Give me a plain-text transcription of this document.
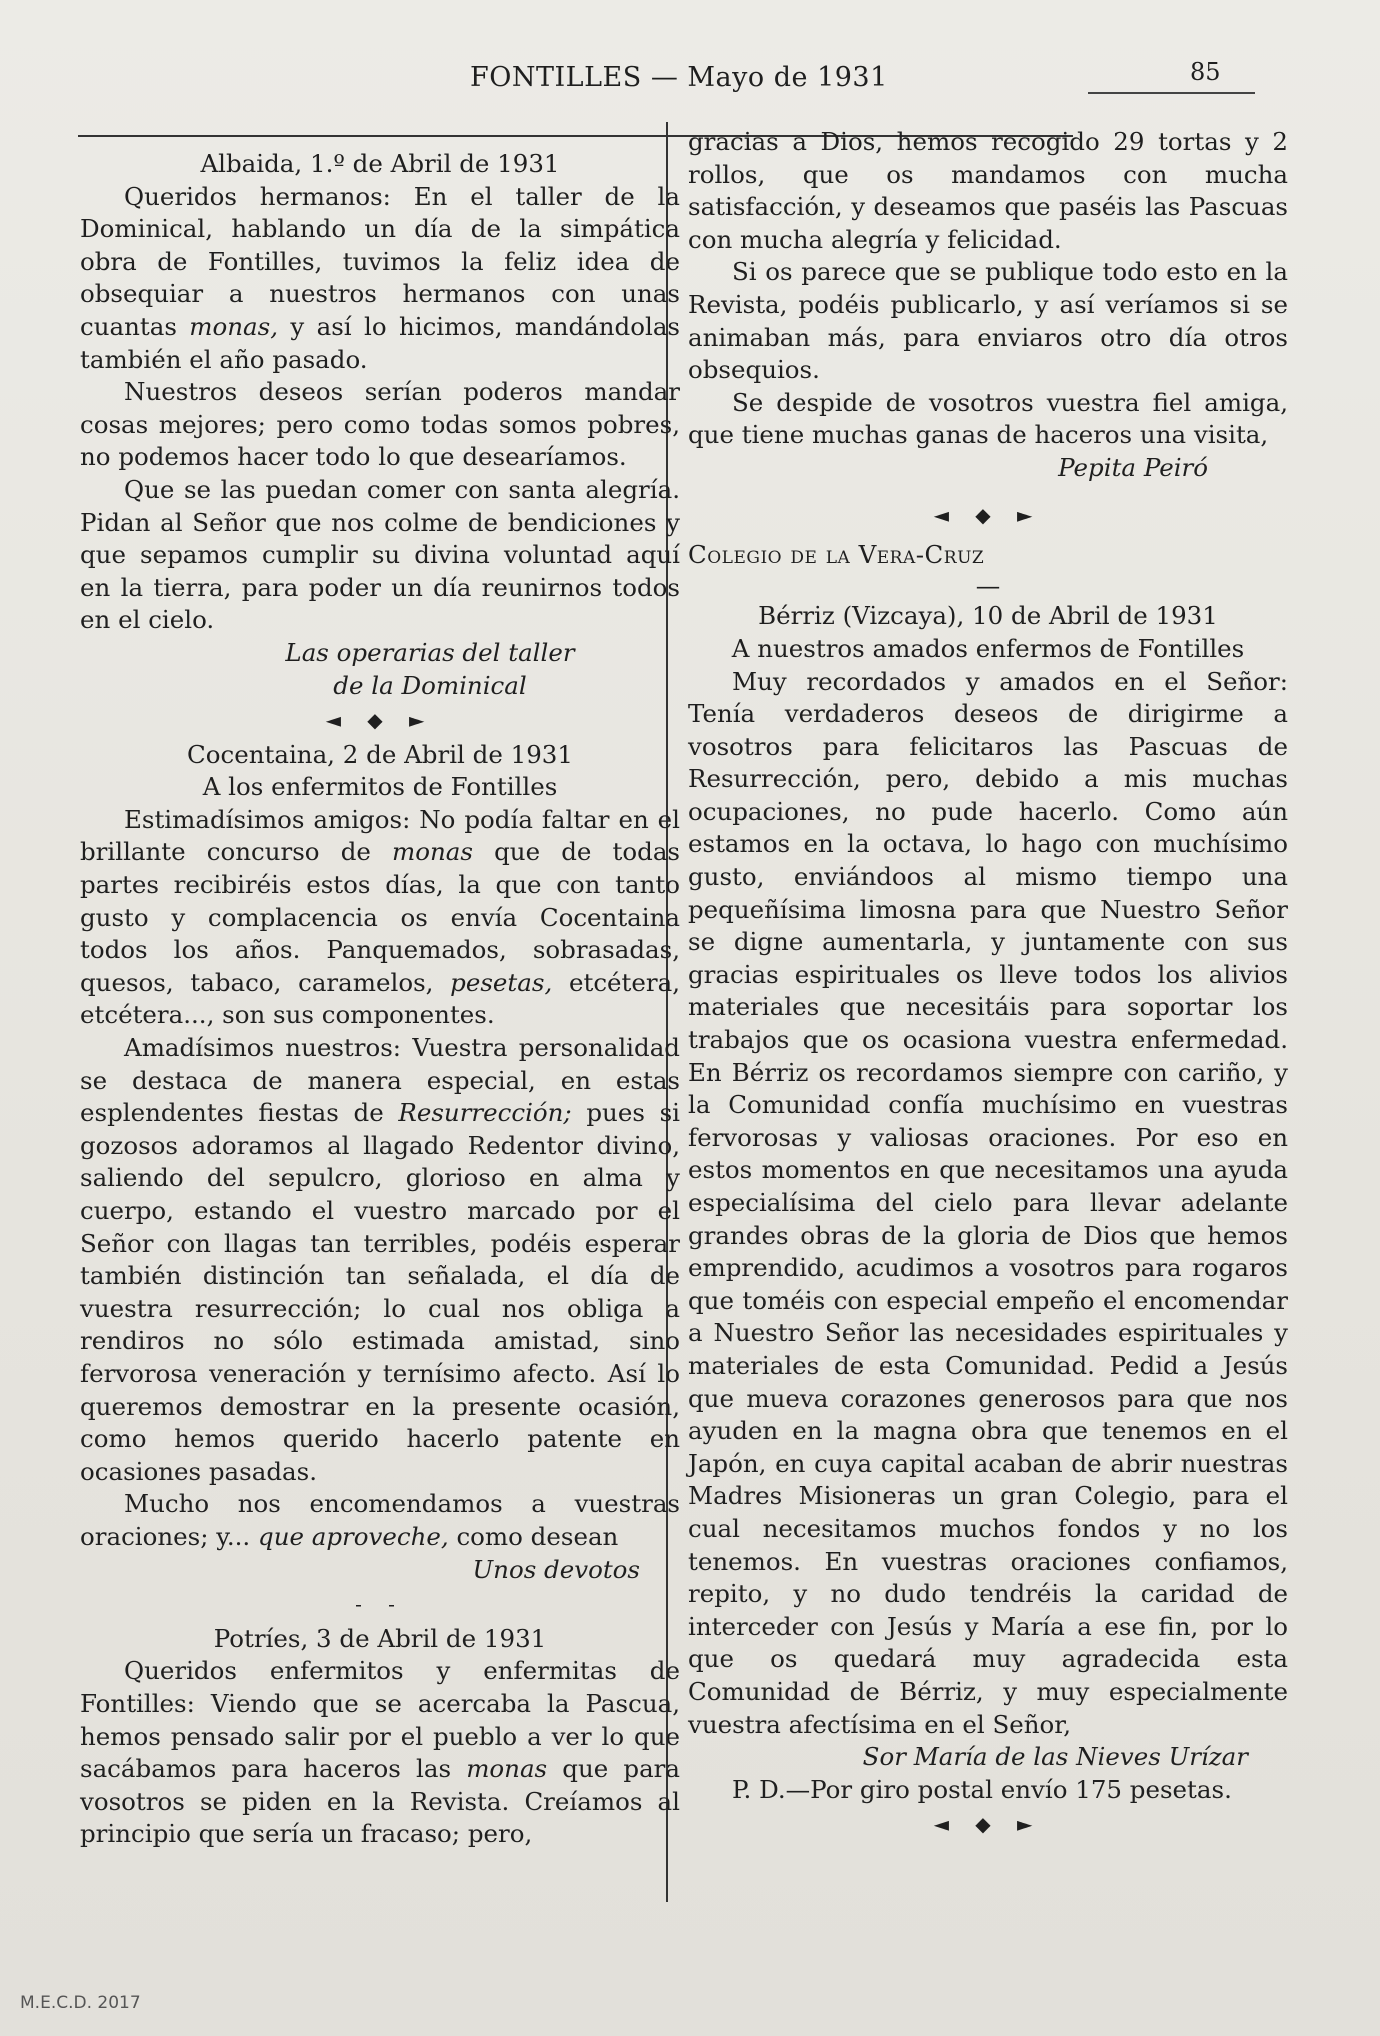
FONTILLES — Mayo de 1931	85

Albaida, 1.º de Abril de 1931

Queridos hermanos: En el taller de la Dominical, hablando un día de la simpática obra de Fontilles, tuvimos la feliz idea de obsequiar a nuestros hermanos con unas cuantas monas, y así lo hicimos, mandándolas también el año pasado.

Nuestros deseos serían poderos mandar cosas mejores; pero como todas somos pobres, no podemos hacer todo lo que desearíamos.

Que se las puedan comer con santa alegría. Pidan al Señor que nos colme de bendiciones y que sepamos cumplir su divina voluntad aquí en la tierra, para poder un día reunirnos todos en el cielo.

Las operarias del taller

de la Dominical

◄ ◆ ►

Cocentaina, 2 de Abril de 1931

A los enfermitos de Fontilles

Estimadísimos amigos: No podía faltar en el brillante concurso de monas que de todas partes recibiréis estos días, la que con tanto gusto y complacencia os envía Cocentaina todos los años. Panquemados, sobrasadas, quesos, tabaco, caramelos, pesetas, etcétera, etcétera..., son sus componentes.

Amadísimos nuestros: Vuestra personalidad se destaca de manera especial, en estas esplendentes fiestas de Resurrección; pues si gozosos adoramos al llagado Redentor divino, saliendo del sepulcro, glorioso en alma y cuerpo, estando el vuestro marcado por el Señor con llagas tan terribles, podéis esperar también distinción tan señalada, el día de vuestra resurrección; lo cual nos obliga a rendiros no sólo estimada amistad, sino fervorosa veneración y ternísimo afecto. Así lo queremos demostrar en la presente ocasión, como hemos querido hacerlo patente en ocasiones pasadas.

Mucho nos encomendamos a vuestras oraciones; y... que aproveche, como desean

Unos devotos

- -

Potríes, 3 de Abril de 1931

Queridos enfermitos y enfermitas de Fontilles: Viendo que se acercaba la Pascua, hemos pensado salir por el pueblo a ver lo que sacábamos para haceros las monas que para vosotros se piden en la Revista. Creíamos al principio que sería un fracaso; pero,

gracias a Dios, hemos recogido 29 tortas y 2 rollos, que os mandamos con mucha satisfacción, y deseamos que paséis las Pascuas con mucha alegría y felicidad.

Si os parece que se publique todo esto en la Revista, podéis publicarlo, y así veríamos si se animaban más, para enviaros otro día otros obsequios.

Se despide de vosotros vuestra fiel amiga, que tiene muchas ganas de haceros una visita,

Pepita Peiró

◄ ◆ ►

Colegio de la Vera-Cruz

—

Bérriz (Vizcaya), 10 de Abril de 1931

A nuestros amados enfermos de Fontilles

Muy recordados y amados en el Señor: Tenía verdaderos deseos de dirigirme a vosotros para felicitaros las Pascuas de Resurrección, pero, debido a mis muchas ocupaciones, no pude hacerlo. Como aún estamos en la octava, lo hago con muchísimo gusto, enviándoos al mismo tiempo una pequeñísima limosna para que Nuestro Señor se digne aumentarla, y juntamente con sus gracias espirituales os lleve todos los alivios materiales que necesitáis para soportar los trabajos que os ocasiona vuestra enfermedad. En Bérriz os recordamos siempre con cariño, y la Comunidad confía muchísimo en vuestras fervorosas y valiosas oraciones. Por eso en estos momentos en que necesitamos una ayuda especialísima del cielo para llevar adelante grandes obras de la gloria de Dios que hemos emprendido, acudimos a vosotros para rogaros que toméis con especial empeño el encomendar a Nuestro Señor las necesidades espirituales y materiales de esta Comunidad. Pedid a Jesús que mueva corazones generosos para que nos ayuden en la magna obra que tenemos en el Japón, en cuya capital acaban de abrir nuestras Madres Misioneras un gran Colegio, para el cual necesitamos muchos fondos y no los tenemos. En vuestras oraciones confiamos, repito, y no dudo tendréis la caridad de interceder con Jesús y María a ese fin, por lo que os quedará muy agradecida esta Comunidad de Bérriz, y muy especialmente vuestra afectísima en el Señor,

Sor María de las Nieves Urízar

P. D.—Por giro postal envío 175 pesetas.

◄ ◆ ►

M.E.C.D. 2017
